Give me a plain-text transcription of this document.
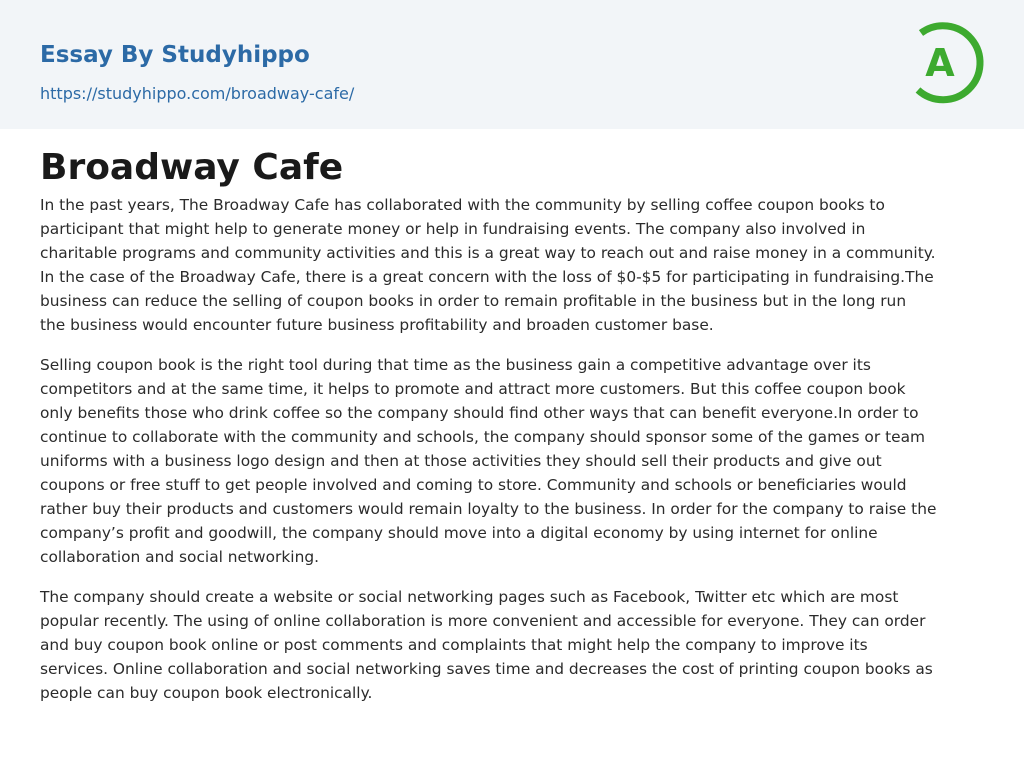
Essay By Studyhippo
https://studyhippo.com/broadway-cafe/
A
Broadway Cafe

In the past years, The Broadway Cafe has collaborated with the community by selling coffee coupon books to
participant that might help to generate money or help in fundraising events. The company also involved in
charitable programs and community activities and this is a great way to reach out and raise money in a community.
In the case of the Broadway Cafe, there is a great concern with the loss of $0-$5 for participating in fundraising.The
business can reduce the selling of coupon books in order to remain profitable in the business but in the long run
the business would encounter future business profitability and broaden customer base.

Selling coupon book is the right tool during that time as the business gain a competitive advantage over its
competitors and at the same time, it helps to promote and attract more customers. But this coffee coupon book
only benefits those who drink coffee so the company should find other ways that can benefit everyone.In order to
continue to collaborate with the community and schools, the company should sponsor some of the games or team
uniforms with a business logo design and then at those activities they should sell their products and give out
coupons or free stuff to get people involved and coming to store. Community and schools or beneficiaries would
rather buy their products and customers would remain loyalty to the business. In order for the company to raise the
company’s profit and goodwill, the company should move into a digital economy by using internet for online
collaboration and social networking.

The company should create a website or social networking pages such as Facebook, Twitter etc which are most
popular recently. The using of online collaboration is more convenient and accessible for everyone. They can order
and buy coupon book online or post comments and complaints that might help the company to improve its
services. Online collaboration and social networking saves time and decreases the cost of printing coupon books as
people can buy coupon book electronically.
